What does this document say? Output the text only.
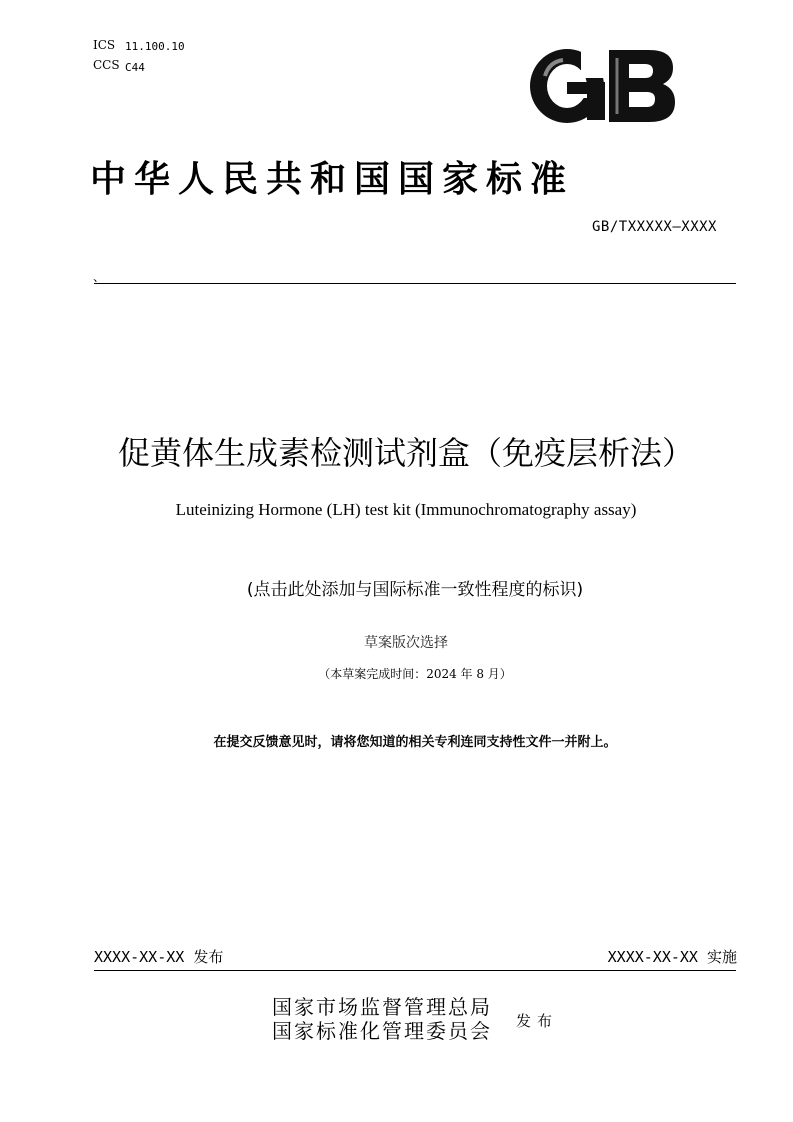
ICS 11.100.10
CCS C44
中华人民共和国国家标准
GB/TXXXXX—XXXX
、
促黄体生成素检测试剂盒（免疫层析法）
Luteinizing Hormone (LH) test kit (Immunochromatography assay)
(点击此处添加与国际标准一致性程度的标识)
草案版次选择
（本草案完成时间：2024 年 8 月）
在提交反馈意见时，请将您知道的相关专利连同支持性文件一并附上。
XXXX-XX-XX 发布	XXXX-XX-XX 实施
国家市场监督管理总局
国家标准化管理委员会 发布
